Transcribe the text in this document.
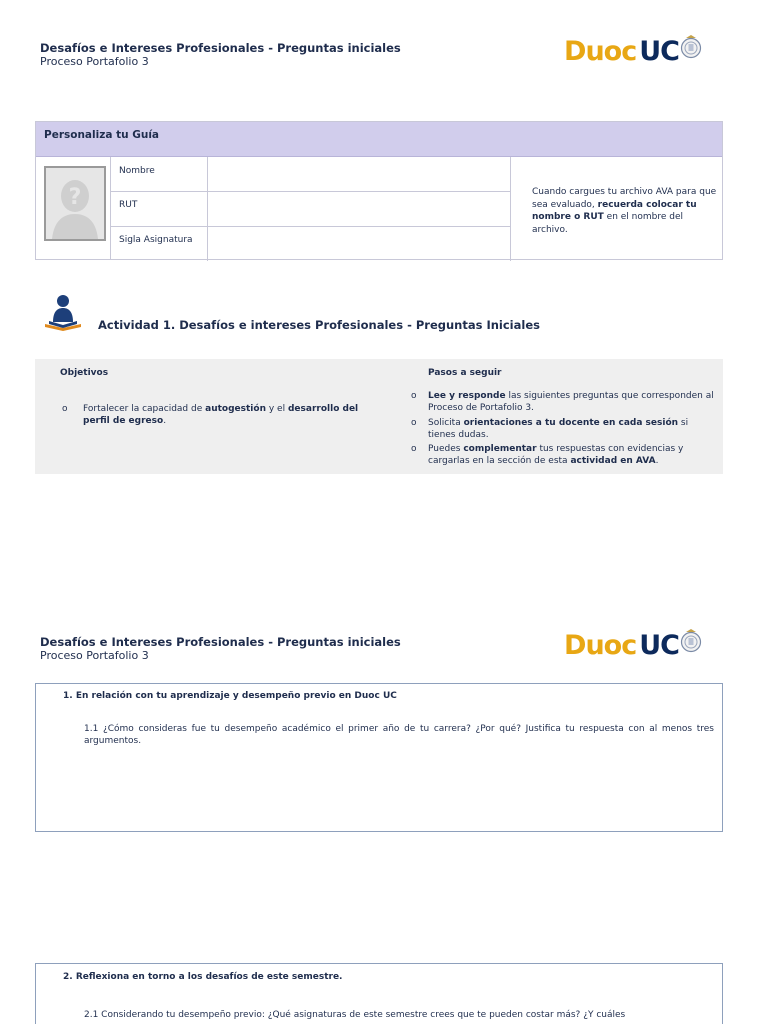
Desafíos e Intereses Profesionales - Preguntas iniciales
Proceso Portafolio 3	Duoc UC
Personaliza tu Guía
?
Nombre
RUT
Sigla Asignatura
Cuando cargues tu archivo AVA para que sea evaluado, recuerda colocar tu nombre o RUT en el nombre del archivo.
Actividad 1. Desafíos e intereses Profesionales - Preguntas Iniciales
Objetivos
o Fortalecer la capacidad de autogestión y el desarrollo del perfil de egreso.
Pasos a seguir
o Lee y responde las siguientes preguntas que corresponden al Proceso de Portafolio 3.
o Solicita orientaciones a tu docente en cada sesión si tienes dudas.
o Puedes complementar tus respuestas con evidencias y cargarlas en la sección de esta actividad en AVA.
Desafíos e Intereses Profesionales - Preguntas iniciales
Proceso Portafolio 3	Duoc UC
1. En relación con tu aprendizaje y desempeño previo en Duoc UC
1.1 ¿Cómo consideras fue tu desempeño académico el primer año de tu carrera? ¿Por qué? Justifica tu respuesta con al menos tres argumentos.
2. Reflexiona en torno a los desafíos de este semestre.
2.1 Considerando tu desempeño previo: ¿Qué asignaturas de este semestre crees que te pueden costar más? ¿Y cuáles
